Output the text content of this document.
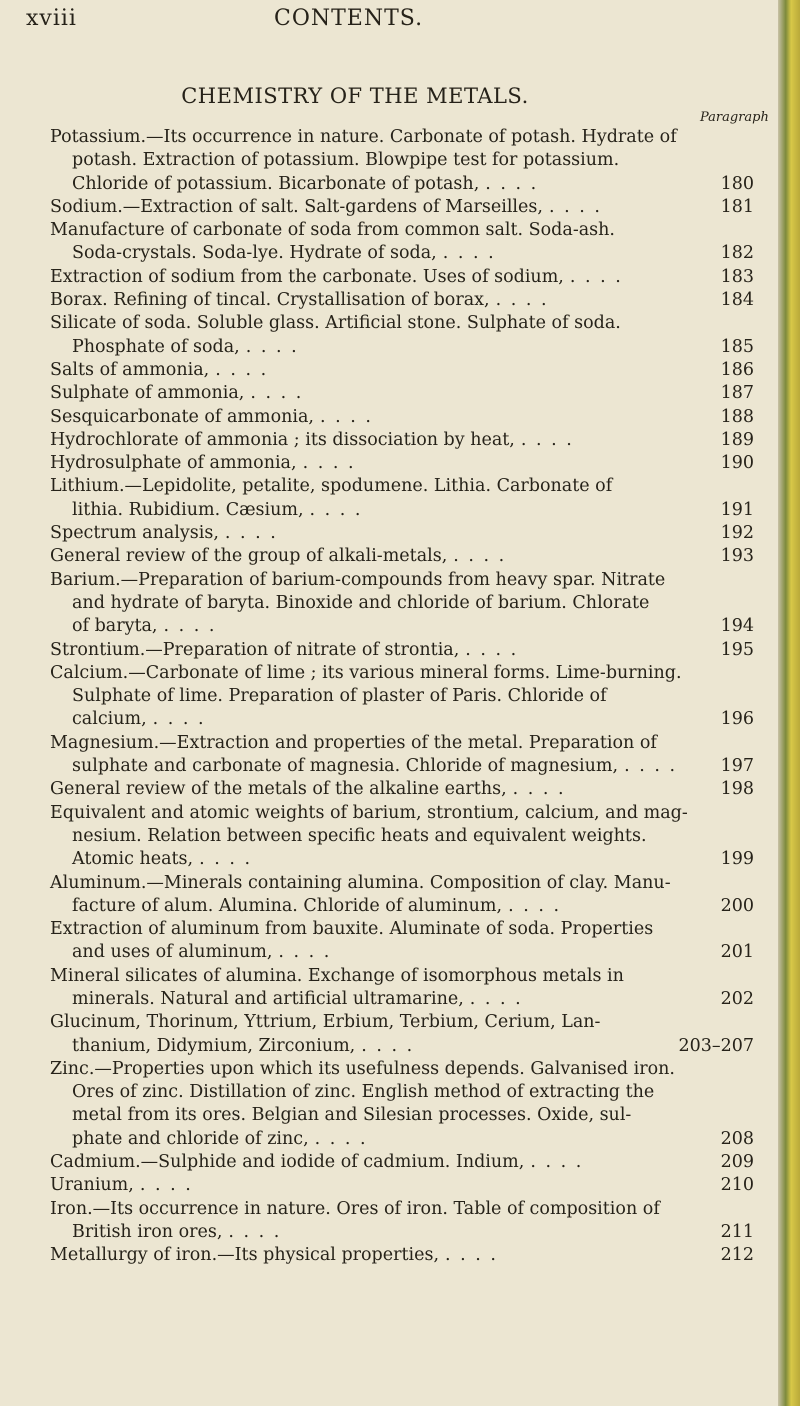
xviii	CONTENTS.
CHEMISTRY OF THE METALS.
Paragraph
Potassium.—Its occurrence in nature. Carbonate of potash. Hydrate of
potash. Extraction of potassium. Blowpipe test for potassium.
Chloride of potassium. Bicarbonate of potash, . . . .	180
Sodium.—Extraction of salt. Salt-gardens of Marseilles, . . . .	181
Manufacture of carbonate of soda from common salt. Soda-ash.
Soda-crystals. Soda-lye. Hydrate of soda, . . . .	182
Extraction of sodium from the carbonate. Uses of sodium, . . . .	183
Borax. Refining of tincal. Crystallisation of borax, . . . .	184
Silicate of soda. Soluble glass. Artificial stone. Sulphate of soda.
Phosphate of soda, . . . .	185
Salts of ammonia, . . . .	186
Sulphate of ammonia, . . . .	187
Sesquicarbonate of ammonia, . . . .	188
Hydrochlorate of ammonia ; its dissociation by heat, . . . .	189
Hydrosulphate of ammonia, . . . .	190
Lithium.—Lepidolite, petalite, spodumene. Lithia. Carbonate of
lithia. Rubidium. Cæsium, . . . .	191
Spectrum analysis, . . . .	192
General review of the group of alkali-metals, . . . .	193
Barium.—Preparation of barium-compounds from heavy spar. Nitrate
and hydrate of baryta. Binoxide and chloride of barium. Chlorate
of baryta, . . . .	194
Strontium.—Preparation of nitrate of strontia, . . . .	195
Calcium.—Carbonate of lime ; its various mineral forms. Lime-burning.
Sulphate of lime. Preparation of plaster of Paris. Chloride of
calcium, . . . .	196
Magnesium.—Extraction and properties of the metal. Preparation of
sulphate and carbonate of magnesia. Chloride of magnesium, . . . . 197
General review of the metals of the alkaline earths, . . . .	198
Equivalent and atomic weights of barium, strontium, calcium, and mag-
nesium. Relation between specific heats and equivalent weights.
Atomic heats, . . . .	199
Aluminum.—Minerals containing alumina. Composition of clay. Manu-
facture of alum. Alumina. Chloride of aluminum, . . . .	200
Extraction of aluminum from bauxite. Aluminate of soda. Properties
and uses of aluminum, . . . .	201
Mineral silicates of alumina. Exchange of isomorphous metals in
minerals. Natural and artificial ultramarine, . . . .	202
Glucinum, Thorinum, Yttrium, Erbium, Terbium, Cerium, Lan-
thanium, Didymium, Zirconium, . . . .	203–207
Zinc.—Properties upon which its usefulness depends. Galvanised iron.
Ores of zinc. Distillation of zinc. English method of extracting the
metal from its ores. Belgian and Silesian processes. Oxide, sul-
phate and chloride of zinc, . . . .	208
Cadmium.—Sulphide and iodide of cadmium. Indium, . . . .	209
Uranium, . . . .	210
Iron.—Its occurrence in nature. Ores of iron. Table of composition of
British iron ores, . . . .	211
Metallurgy of iron.—Its physical properties, . . . .	212
